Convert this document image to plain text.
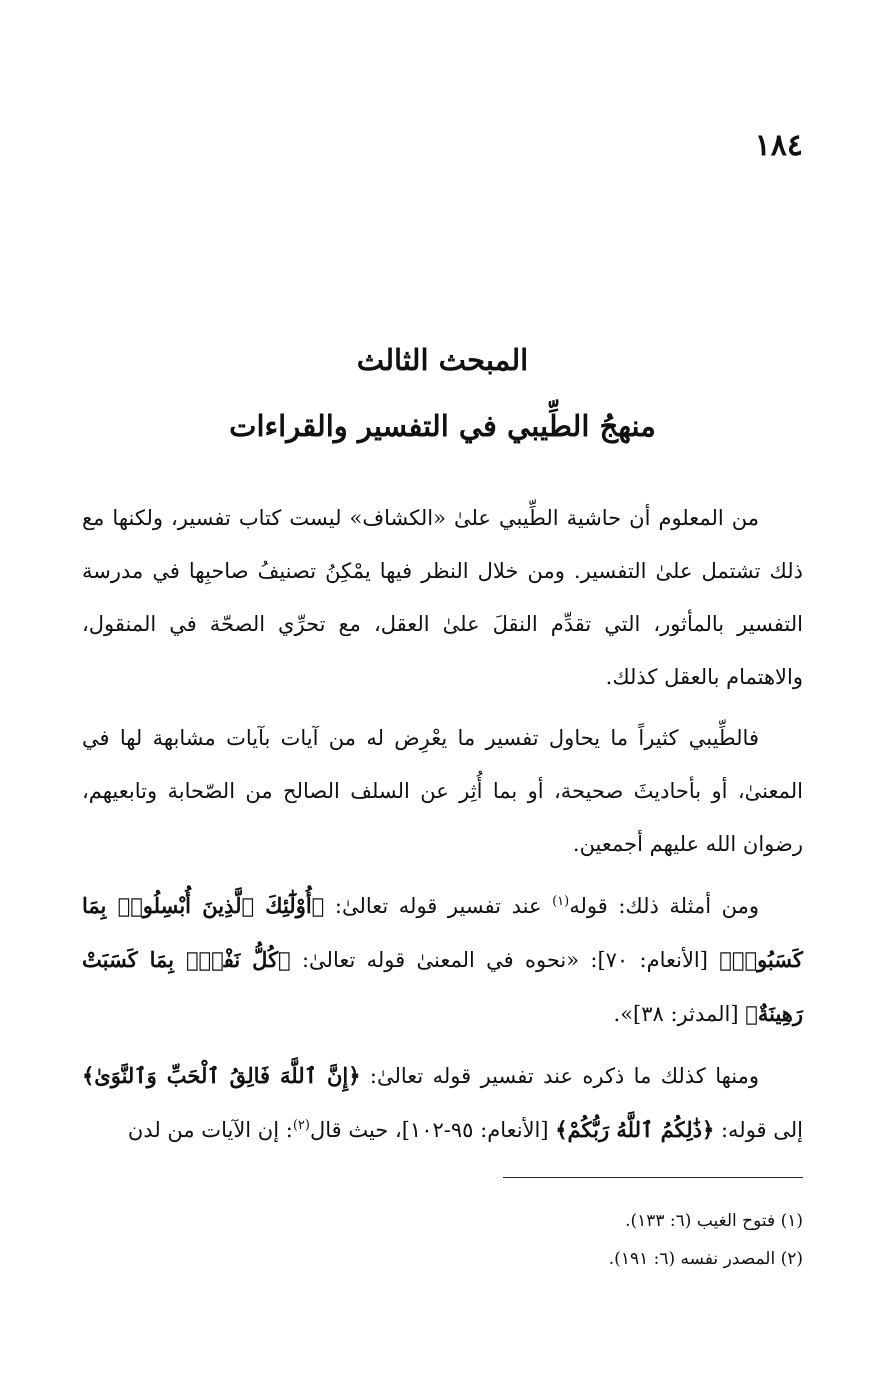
١٨٤
المبحث الثالث
منهجُ الطِّيبي في التفسير والقراءات

من المعلوم أن حاشية الطِّيبي علىٰ «الكشاف» ليست كتاب تفسير، ولكنها مع ذلك تشتمل علىٰ التفسير. ومن خلال النظر فيها يمْكِنُ تصنيفُ صاحبِها في مدرسة التفسير بالمأثور، التي تقدِّم النقلَ علىٰ العقل، مع تحرِّي الصحّة في المنقول، والاهتمام بالعقل كذلك.

فالطِّيبي كثيراً ما يحاول تفسير ما يعْرِض له من آيات بآيات مشابهة لها في المعنىٰ، أو بأحاديثَ صحيحة، أو بما أُثِر عن السلف الصالح من الصّحابة وتابعيهم، رضوان الله عليهم أجمعين.

ومن أمثلة ذلك: قوله$^{(١)}$ عند تفسير قوله تعالىٰ: ﴿أُوْلَٰٓئِكَ ٱلَّذِينَ أُبْسِلُوا۟ بِمَا كَسَبُوا۟﴾ [الأنعام: ٧٠]: «نحوه في المعنىٰ قوله تعالىٰ: ﴿كُلُّ نَفْسٍۭ بِمَا كَسَبَتْ رَهِينَةٌ﴾ [المدثر: ٣٨]».

ومنها كذلك ما ذكره عند تفسير قوله تعالىٰ: ﴿إِنَّ ٱللَّهَ فَالِقُ ٱلْحَبِّ وَٱلنَّوَىٰ﴾ إلى قوله: ﴿ذَٰلِكُمُ ٱللَّهُ رَبُّكُمْ﴾ [الأنعام: ٩٥-١٠٢]، حيث قال$^{(٢)}$: إن الآيات من لدن

(١) فتوح الغيب (٦: ١٣٣).

(٢) المصدر نفسه (٦: ١٩١).
